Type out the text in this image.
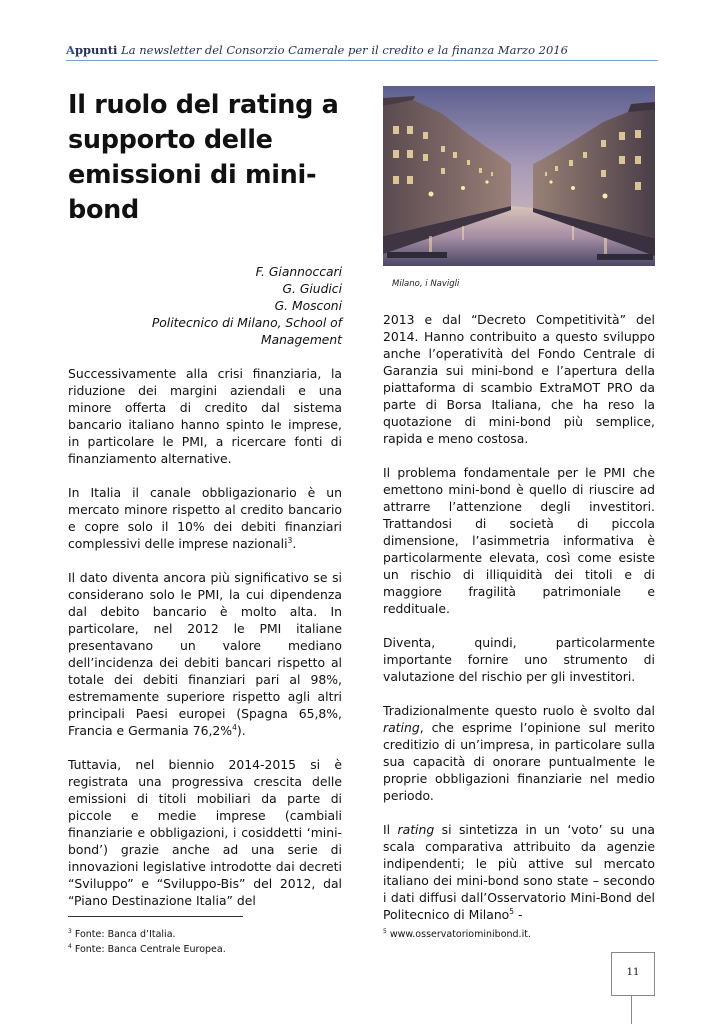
Appunti La newsletter del Consorzio Camerale per il credito e la finanza Marzo 2016
Il ruolo del rating a supporto delle emissioni di mini-bond
F. Giannoccari
G. Giudici
G. Mosconi
Politecnico di Milano, School of Management
Milano, i Navigli

Successivamente alla crisi finanziaria, la riduzione dei margini aziendali e una minore offerta di credito dal sistema bancario italiano hanno spinto le imprese, in particolare le PMI, a ricercare fonti di finanziamento alternative.

In Italia il canale obbligazionario è un mercato minore rispetto al credito bancario e copre solo il 10% dei debiti finanziari complessivi delle imprese nazionali$^3$.

Il dato diventa ancora più significativo se si considerano solo le PMI, la cui dipendenza dal debito bancario è molto alta. In particolare, nel 2012 le PMI italiane presentavano un valore mediano dell’incidenza dei debiti bancari rispetto al totale dei debiti finanziari pari al 98%, estremamente superiore rispetto agli altri principali Paesi europei (Spagna 65,8%, Francia e Germania 76,2%$^4$).

Tuttavia, nel biennio 2014-2015 si è registrata una progressiva crescita delle emissioni di titoli mobiliari da parte di piccole e medie imprese (cambiali finanziarie e obbligazioni, i cosiddetti ‘mini-bond’) grazie anche ad una serie di innovazioni legislative introdotte dai decreti “Sviluppo” e “Sviluppo-Bis” del 2012, dal “Piano Destinazione Italia” del

2013 e dal “Decreto Competitività” del 2014. Hanno contribuito a questo sviluppo anche l’operatività del Fondo Centrale di Garanzia sui mini-bond e l’apertura della piattaforma di scambio ExtraMOT PRO da parte di Borsa Italiana, che ha reso la quotazione di mini-bond più semplice, rapida e meno costosa.

Il problema fondamentale per le PMI che emettono mini-bond è quello di riuscire ad attrarre l’attenzione degli investitori. Trattandosi di società di piccola dimensione, l’asimmetria informativa è particolarmente elevata, così come esiste un rischio di illiquidità dei titoli e di maggiore fragilità patrimoniale e reddituale.

Diventa, quindi, particolarmente importante fornire uno strumento di valutazione del rischio per gli investitori.

Tradizionalmente questo ruolo è svolto dal rating, che esprime l’opinione sul merito creditizio di un’impresa, in particolare sulla sua capacità di onorare puntualmente le proprie obbligazioni finanziarie nel medio periodo.

Il rating si sintetizza in un ‘voto’ su una scala comparativa attribuito da agenzie indipendenti; le più attive sul mercato italiano dei mini-bond sono state – secondo i dati diffusi dall’Osservatorio Mini-Bond del Politecnico di Milano$^5$ -

$^3$ Fonte: Banca d’Italia.
$^4$ Fonte: Banca Centrale Europea.
$^5$ www.osservatoriominibond.it.
11
